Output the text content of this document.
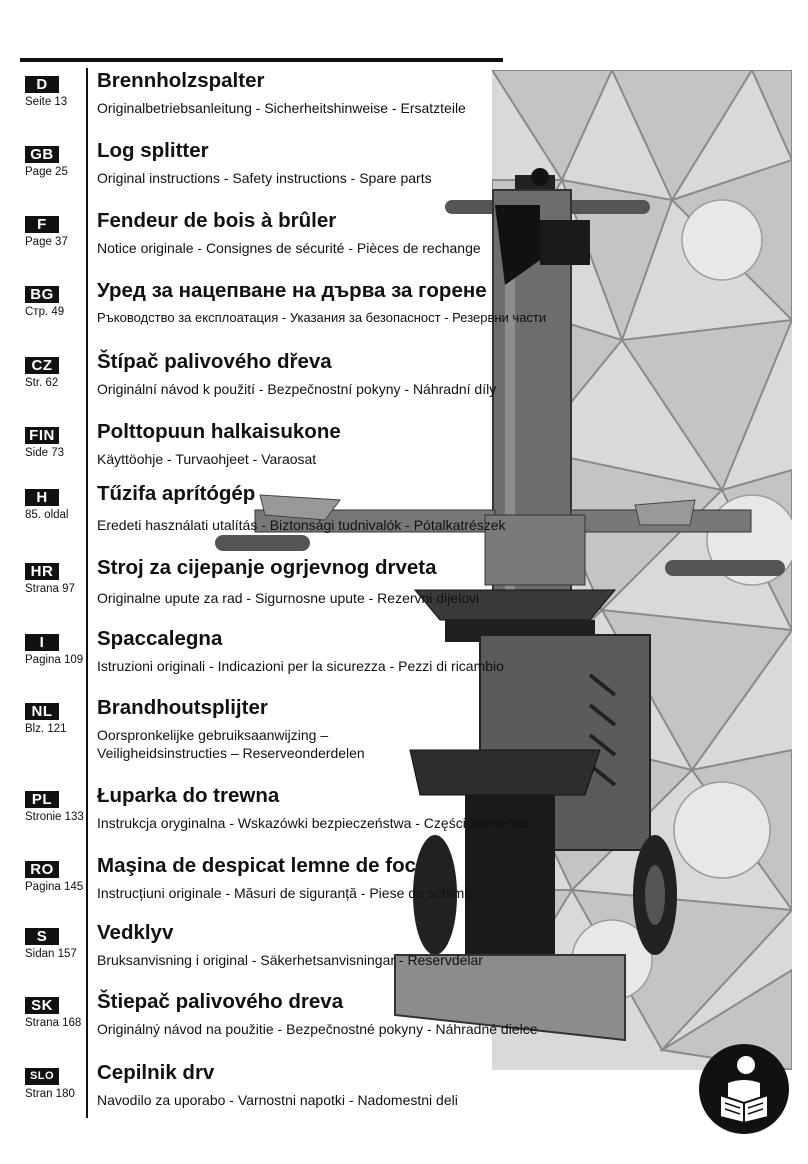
D
Seite 13
Brennholzspalter
Originalbetriebsanleitung - Sicherheitshinweise - Ersatzteile
GB
Page 25
Log splitter
Original instructions - Safety instructions - Spare parts
F
Page 37
Fendeur de bois à brûler
Notice originale - Consignes de sécurité - Pièces de rechange
BG
Стр. 49
Уред за нацепване на дърва за горене
Ръководство за експлоатация - Указания за безопасност - Резервни части
CZ
Str. 62
Štípač palivového dřeva
Originální návod k použití - Bezpečnostní pokyny - Náhradní díly
FIN
Side 73
Polttopuun halkaisukone
Käyttöohje - Turvaohjeet - Varaosat
H
85. oldal
Tűzifa aprítógép
Eredeti használati utalítás - Biztonsági tudnivalók - Pótalkatrészek
HR
Strana 97
Stroj za cijepanje ogrjevnog drveta
Originalne upute za rad - Sigurnosne upute - Rezervni dijelovi
I
Pagina 109
Spaccalegna
Istruzioni originali - Indicazioni per la sicurezza - Pezzi di ricambio
NL
Blz. 121
Brandhoutsplijter
Oorspronkelijke gebruiksaanwijzing –
Veiligheidsinstructies – Reserveonderdelen
PL
Stronie 133
Łuparka do trewna
Instrukcja oryginalna - Wskazówki bezpieczeństwa - Części zamienne
RO
Pagina 145
Maşina de despicat lemne de foc
Instrucțiuni originale - Măsuri de siguranță - Piese de schimb
S
Sidan 157
Vedklyv
Bruksanvisning i original - Säkerhetsanvisningar - Reservdelar
SK
Strana 168
Štiepač palivového dreva
Originálný návod na použitie - Bezpečnostné pokyny - Náhradné dielce
SLO
Stran 180
Cepilnik drv
Navodilo za uporabo - Varnostni napotki - Nadomestni deli
